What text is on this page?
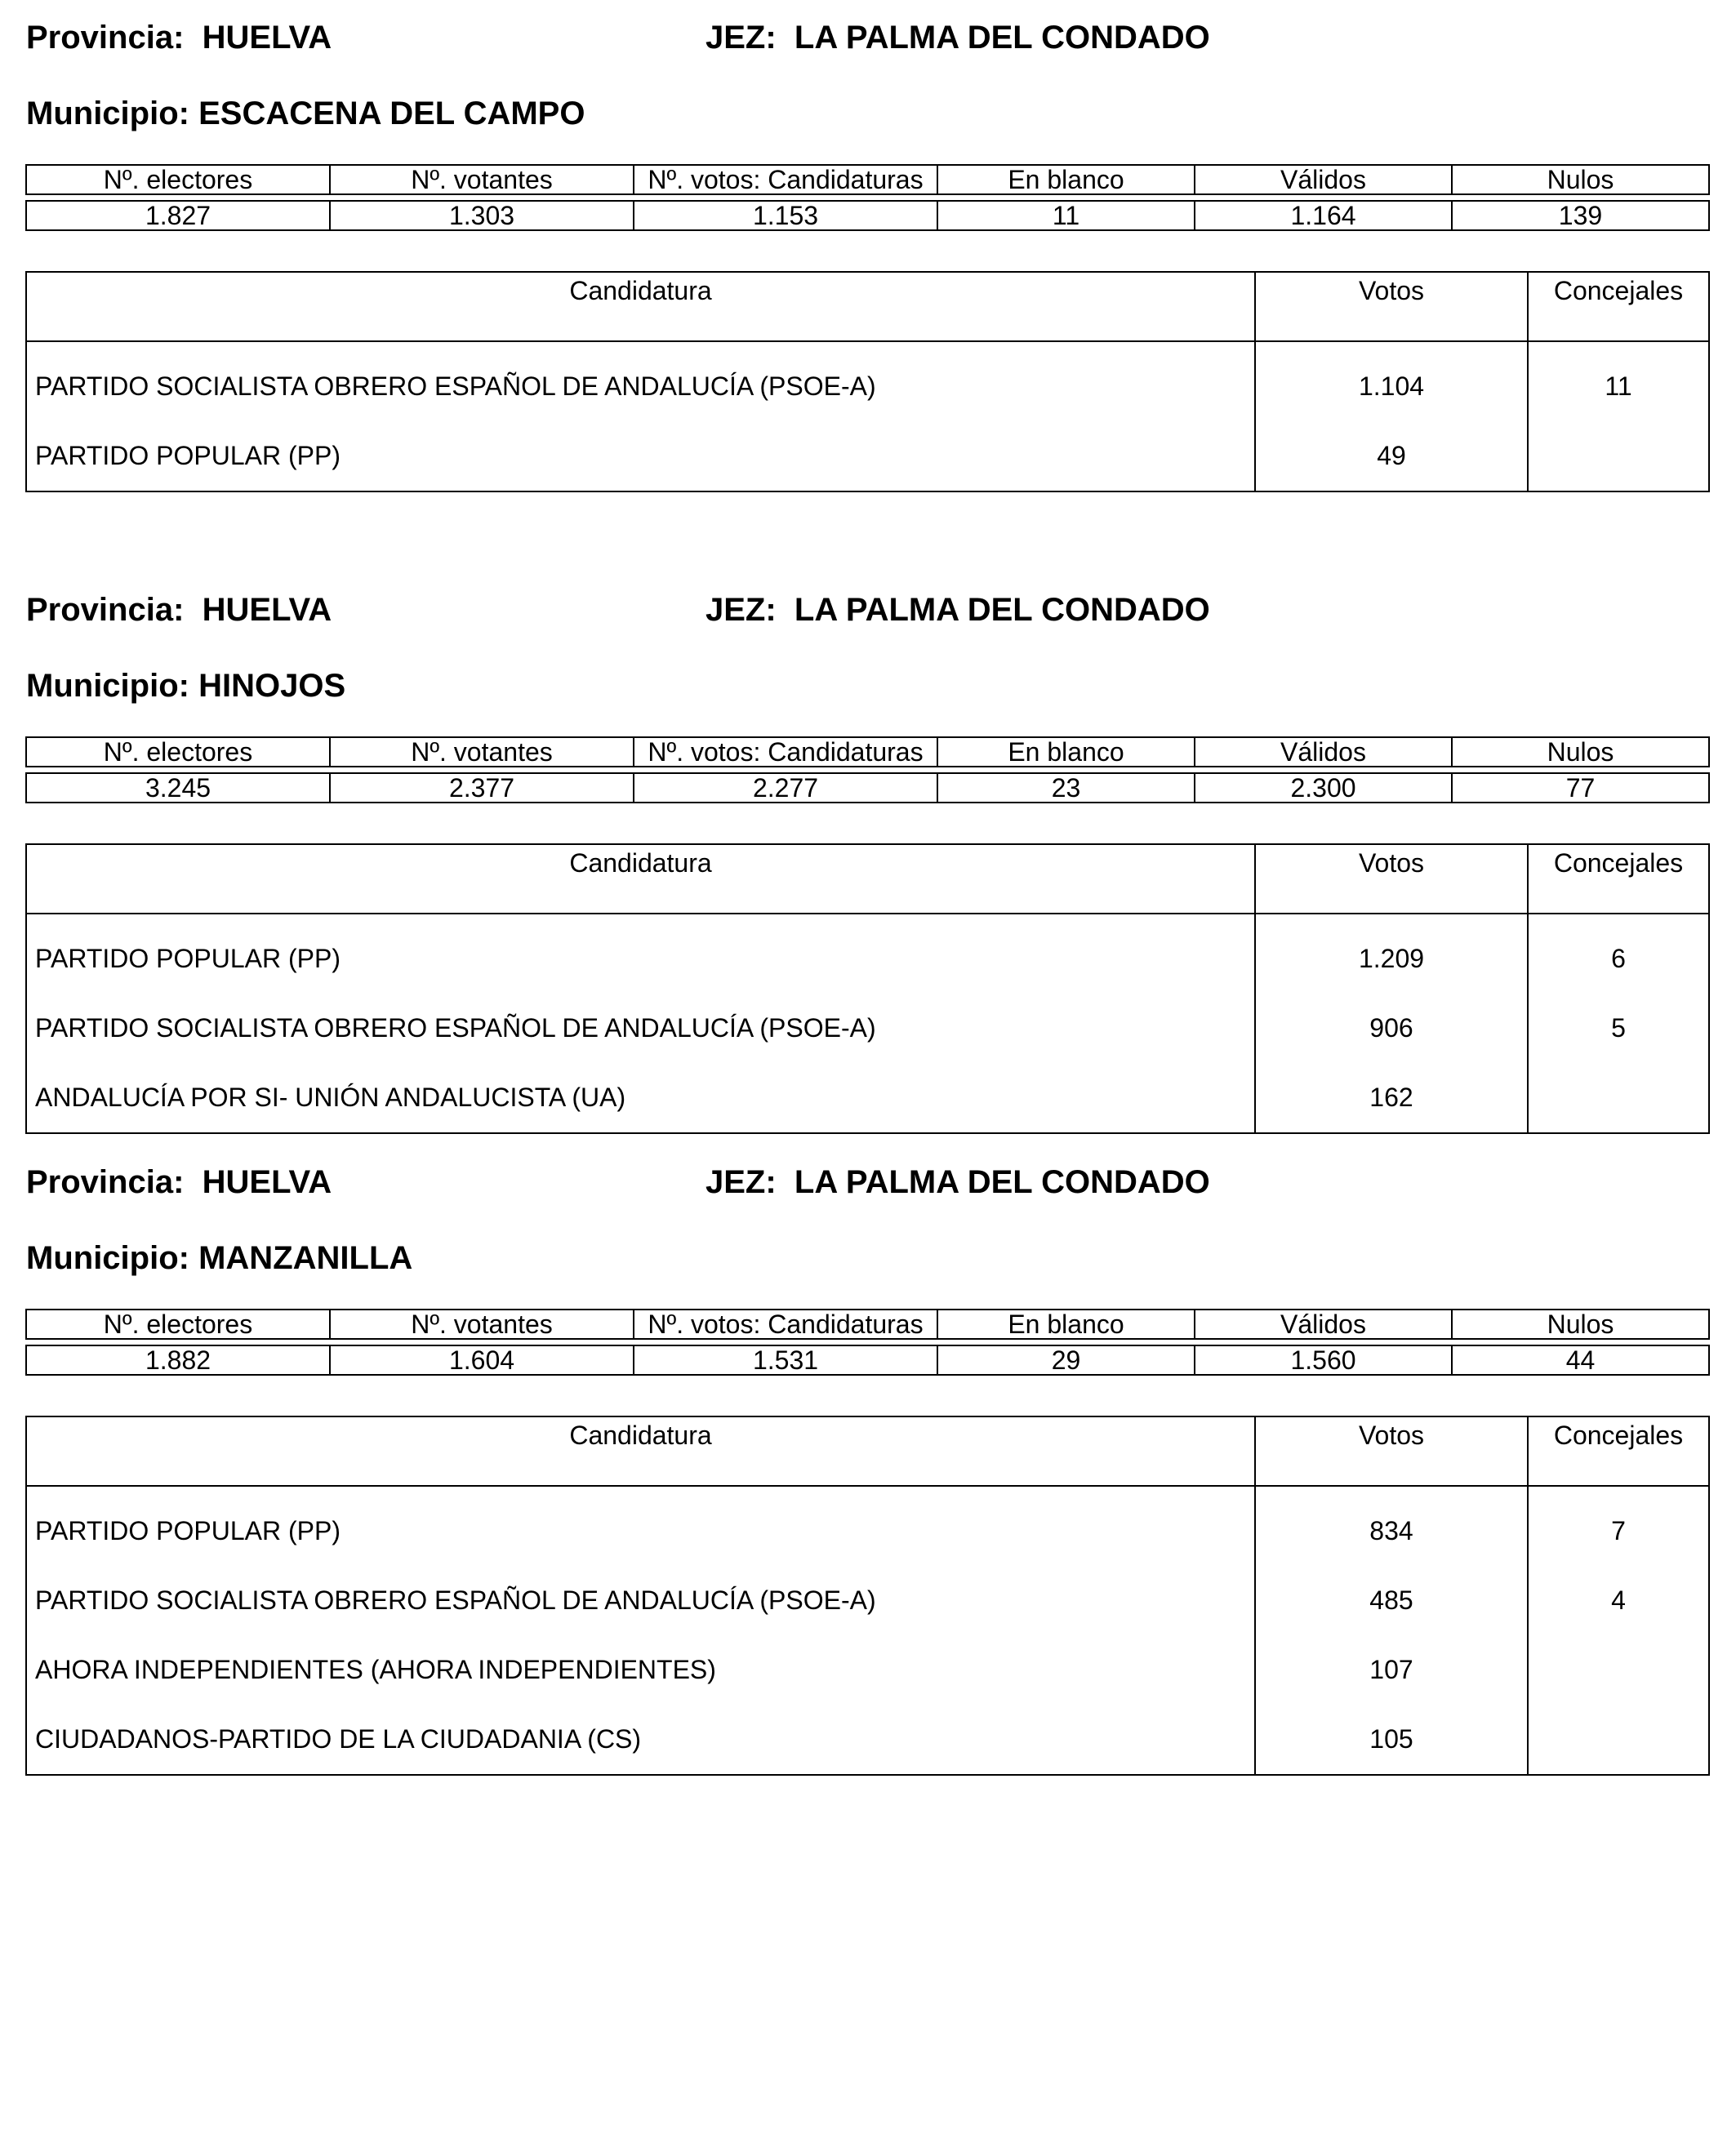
Provincia: HUELVA	JEZ: LA PALMA DEL CONDADO
Municipio: ESCACENA DEL CAMPO
Nº. electores	Nº. votantes	Nº. votos: Candidaturas	En blanco	Válidos	Nulos

1.827	1.303	1.153	11	1.164	139
Candidatura	Votos	Concejales
PARTIDO SOCIALISTA OBRERO ESPAÑOL DE ANDALUCÍA (PSOE-A)	1.104	11
PARTIDO POPULAR (PP)	49	
Provincia: HUELVA	JEZ: LA PALMA DEL CONDADO
Municipio: HINOJOS
Nº. electores	Nº. votantes	Nº. votos: Candidaturas	En blanco	Válidos	Nulos

3.245	2.377	2.277	23	2.300	77
Candidatura	Votos	Concejales
PARTIDO POPULAR (PP)	1.209	6
PARTIDO SOCIALISTA OBRERO ESPAÑOL DE ANDALUCÍA (PSOE-A)	906	5
ANDALUCÍA POR SI- UNIÓN ANDALUCISTA (UA)	162	
Provincia: HUELVA	JEZ: LA PALMA DEL CONDADO
Municipio: MANZANILLA
Nº. electores	Nº. votantes	Nº. votos: Candidaturas	En blanco	Válidos	Nulos

1.882	1.604	1.531	29	1.560	44
Candidatura	Votos	Concejales
PARTIDO POPULAR (PP)	834	7
PARTIDO SOCIALISTA OBRERO ESPAÑOL DE ANDALUCÍA (PSOE-A)	485	4
AHORA INDEPENDIENTES (AHORA INDEPENDIENTES)	107	
CIUDADANOS-PARTIDO DE LA CIUDADANIA (CS)	105	
